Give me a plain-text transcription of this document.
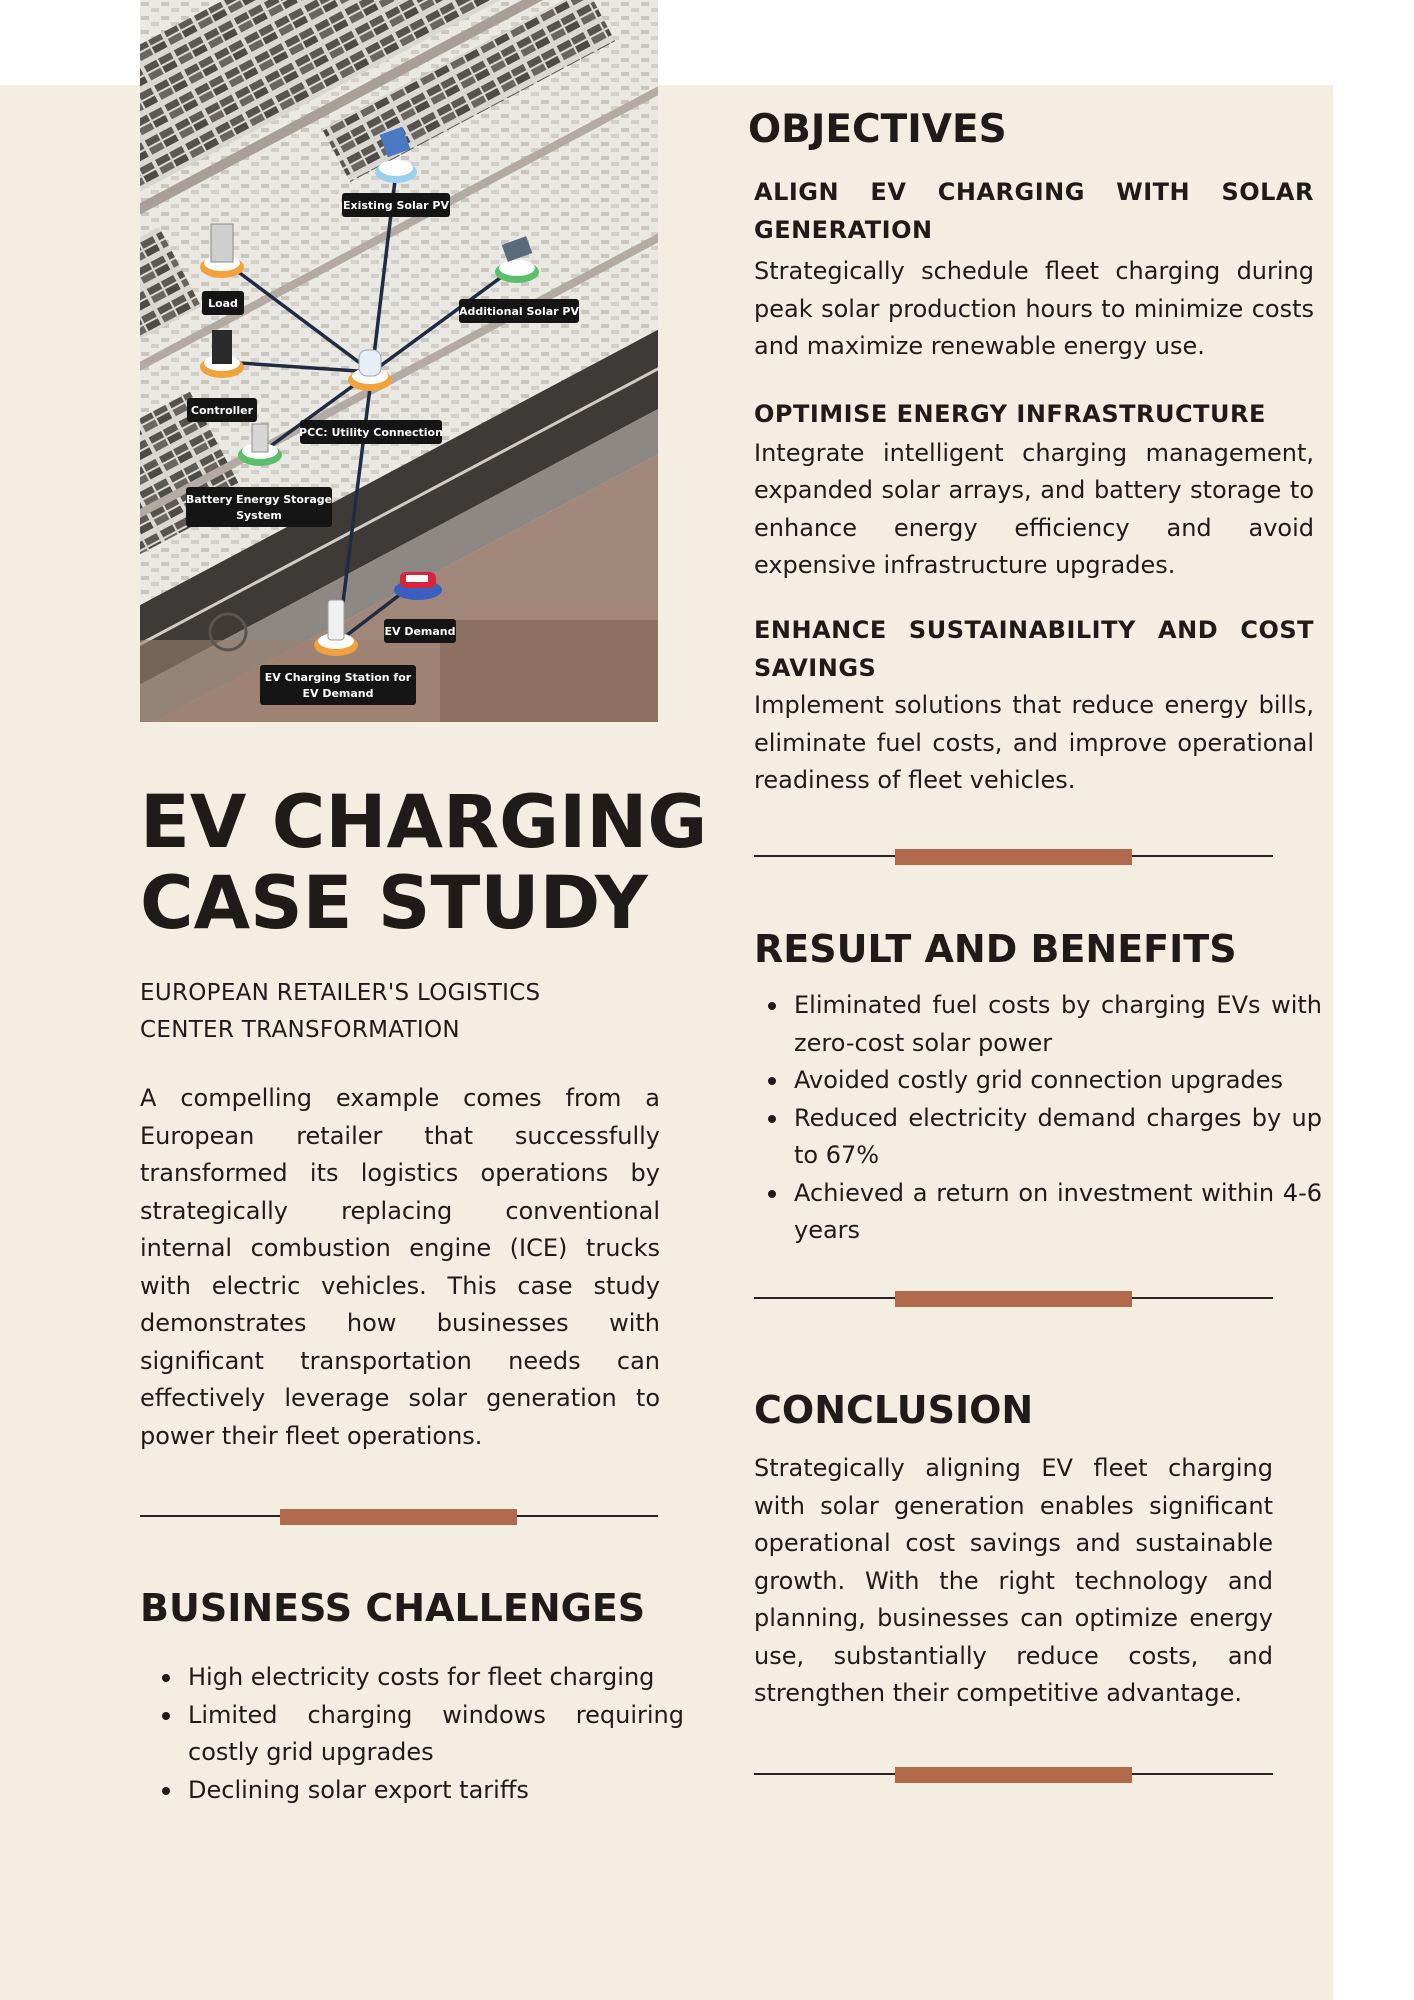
Existing Solar PV
Load
Additional Solar PV
Controller
PCC: Utility Connection
Battery Energy Storage
System
EV Demand
EV Charging Station for
EV Demand
EV CHARGING
CASE STUDY

EUROPEAN RETAILER'S LOGISTICS
CENTER TRANSFORMATION

A compelling example comes from a European retailer that successfully transformed its logistics operations by strategically replacing conventional internal combustion engine (ICE) trucks with electric vehicles. This case study demonstrates how businesses with significant transportation needs can effectively leverage solar generation to power their fleet operations.

BUSINESS CHALLENGES
High electricity costs for fleet charging
Limited charging windows requiring costly grid upgrades
Declining solar export tariffs
OBJECTIVES

ALIGN EV CHARGING WITH SOLAR GENERATION

Strategically schedule fleet charging during peak solar production hours to minimize costs and maximize renewable energy use.

OPTIMISE ENERGY INFRASTRUCTURE

Integrate intelligent charging management, expanded solar arrays, and battery storage to enhance energy efficiency and avoid expensive infrastructure upgrades.

ENHANCE SUSTAINABILITY AND COST SAVINGS

Implement solutions that reduce energy bills, eliminate fuel costs, and improve operational readiness of fleet vehicles.

RESULT AND BENEFITS
Eliminated fuel costs by charging EVs with zero-cost solar power
Avoided costly grid connection upgrades
Reduced electricity demand charges by up to 67%
Achieved a return on investment within 4-6 years
CONCLUSION

Strategically aligning EV fleet charging with solar generation enables significant operational cost savings and sustainable growth. With the right technology and planning, businesses can optimize energy use, substantially reduce costs, and strengthen their competitive advantage.
